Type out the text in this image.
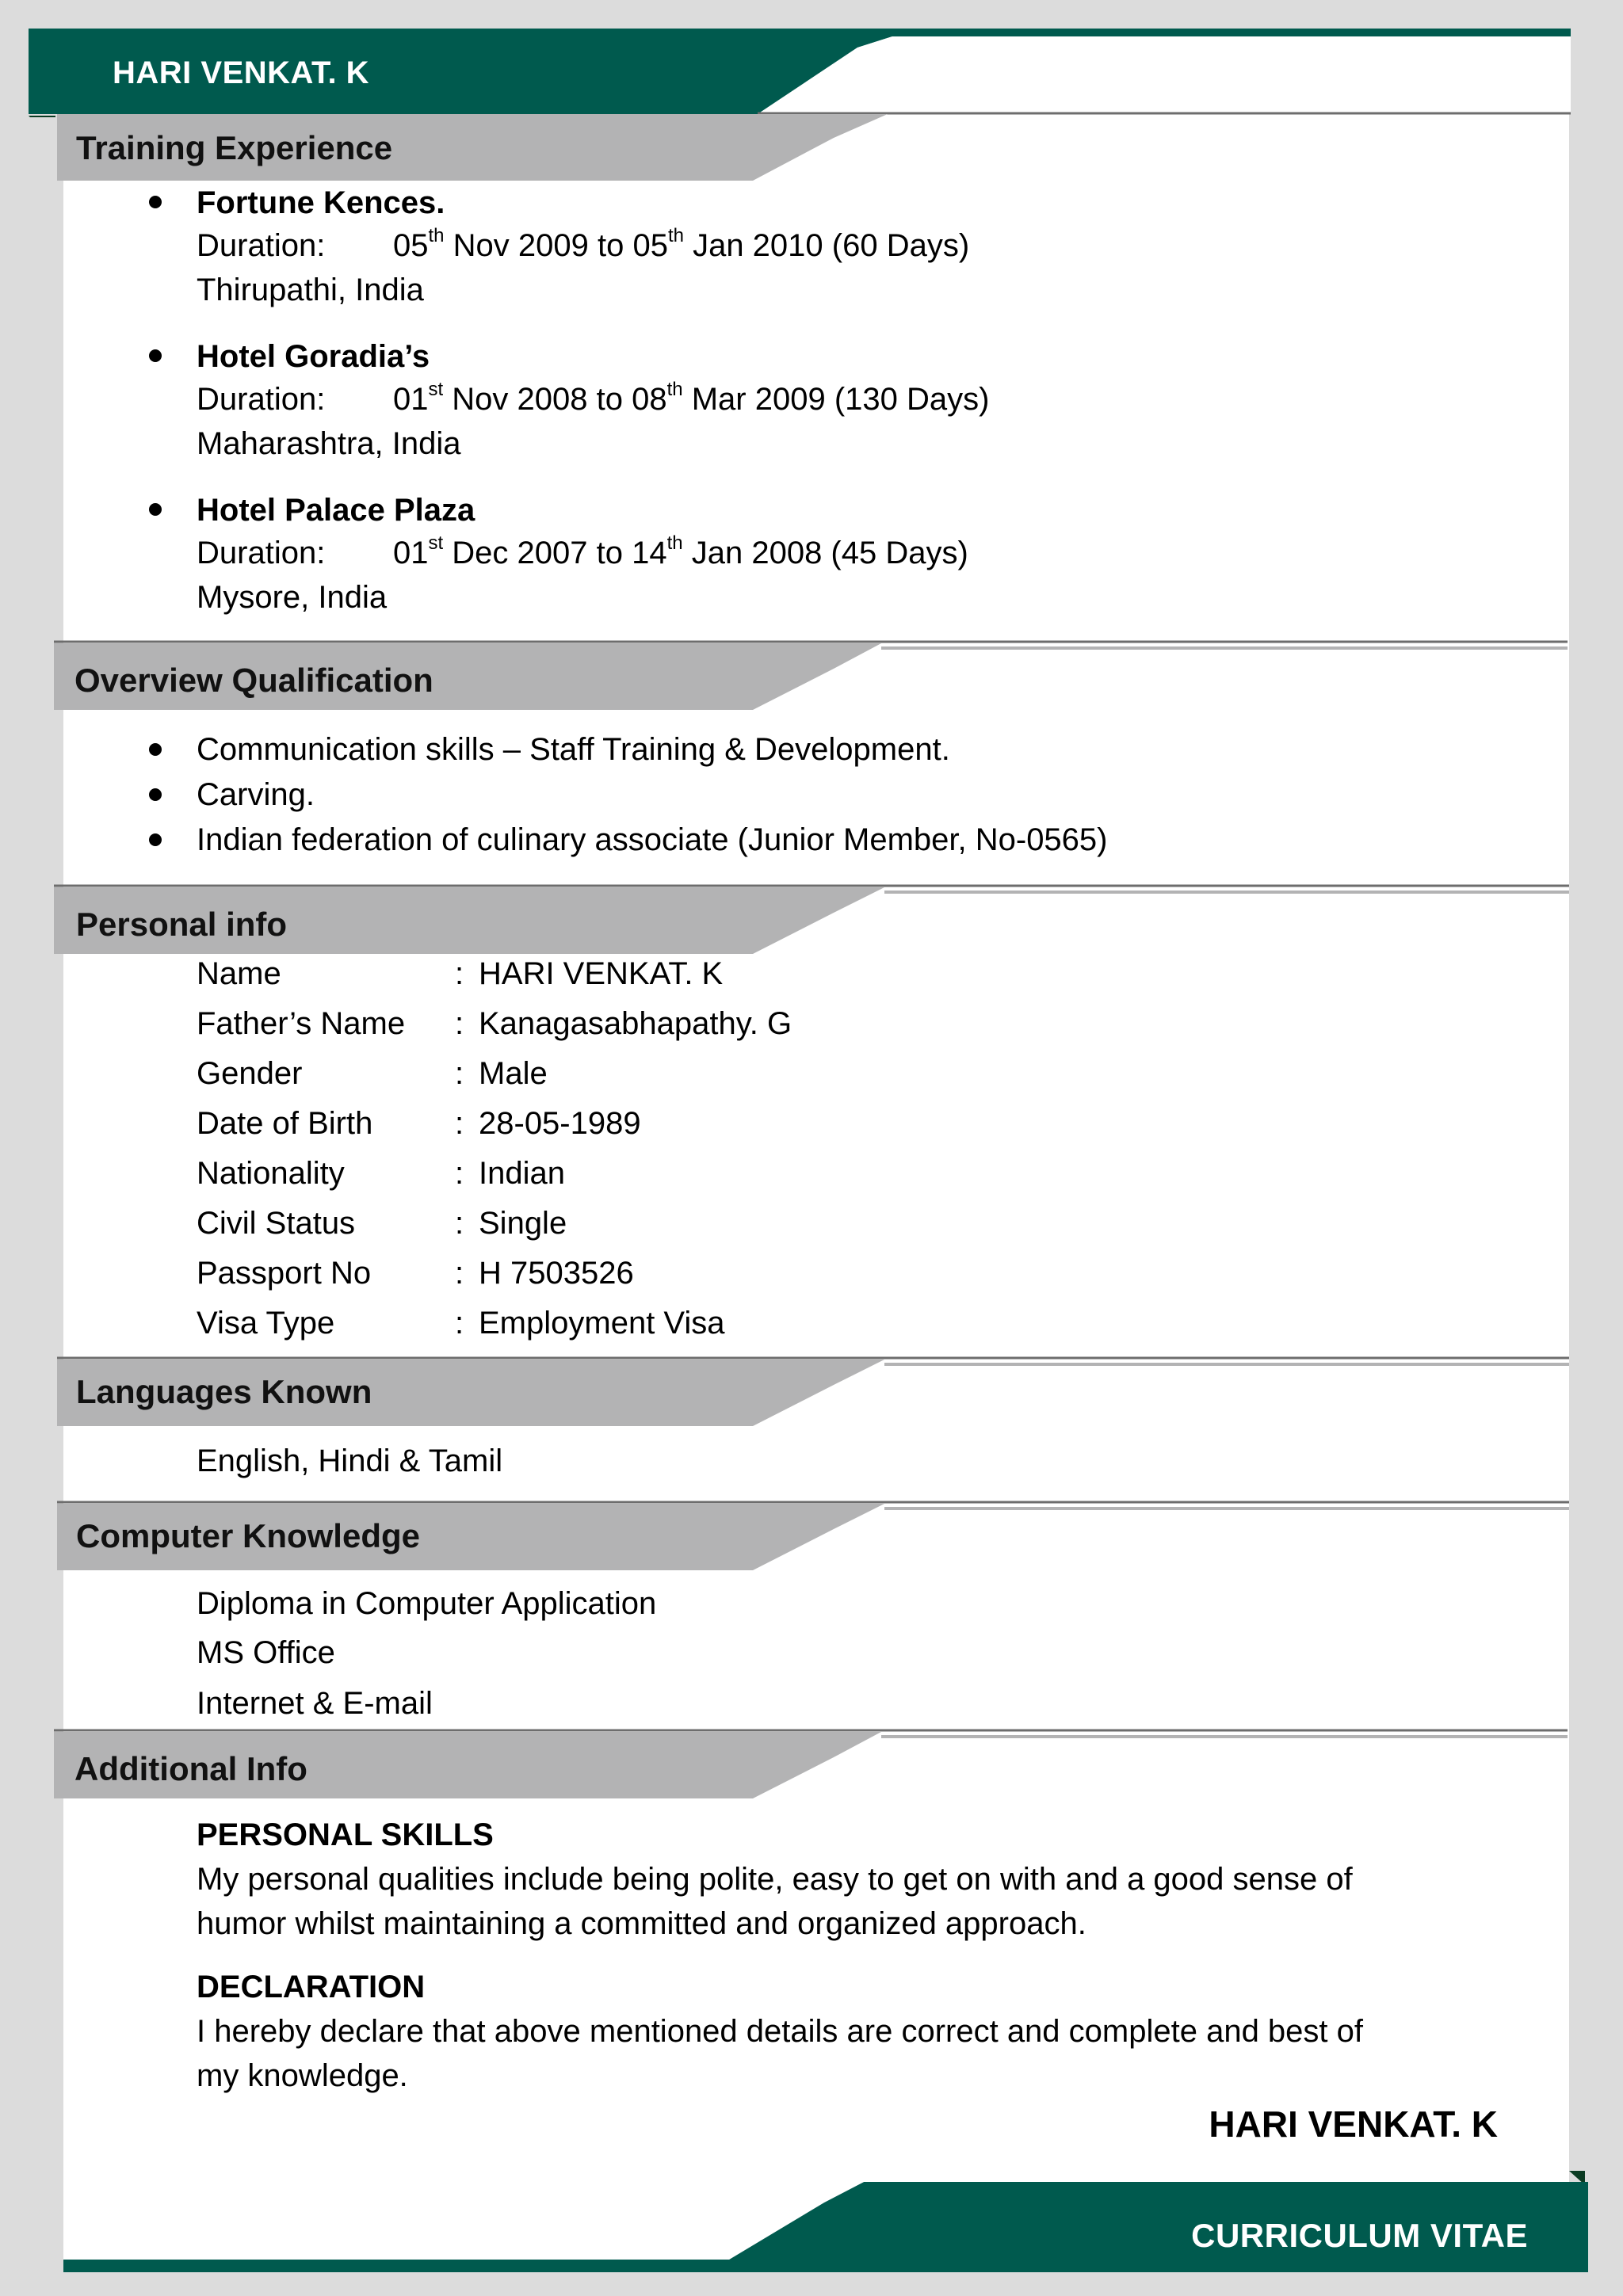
HARI VENKAT. K
Training Experience
Fortune Kences.
Duration: 05th Nov 2009 to 05th Jan 2010 (60 Days)
Thirupathi, India
Hotel Goradia’s
Duration: 01st Nov 2008 to 08th Mar 2009 (130 Days)
Maharashtra, India
Hotel Palace Plaza
Duration: 01st Dec 2007 to 14th Jan 2008 (45 Days)
Mysore, India
Overview Qualification
Communication skills – Staff Training & Development.
Carving.
Indian federation of culinary associate (Junior Member, No-0565)
Personal info
Name	: HARI VENKAT. K
Father’s Name : Kanagasabhapathy. G
Gender	: Male
Date of Birth	: 28-05-1989
Nationality	: Indian
Civil Status	: Single
Passport No	: H 7503526
Visa Type	: Employment Visa
Languages Known
English, Hindi & Tamil
Computer Knowledge
Diploma in Computer Application
MS Office
Internet & E-mail
Additional Info
PERSONAL SKILLS
My personal qualities include being polite, easy to get on with and a good sense of
humor whilst maintaining a committed and organized approach.
DECLARATION
I hereby declare that above mentioned details are correct and complete and best of
my knowledge.
HARI VENKAT. K
CURRICULUM VITAE
